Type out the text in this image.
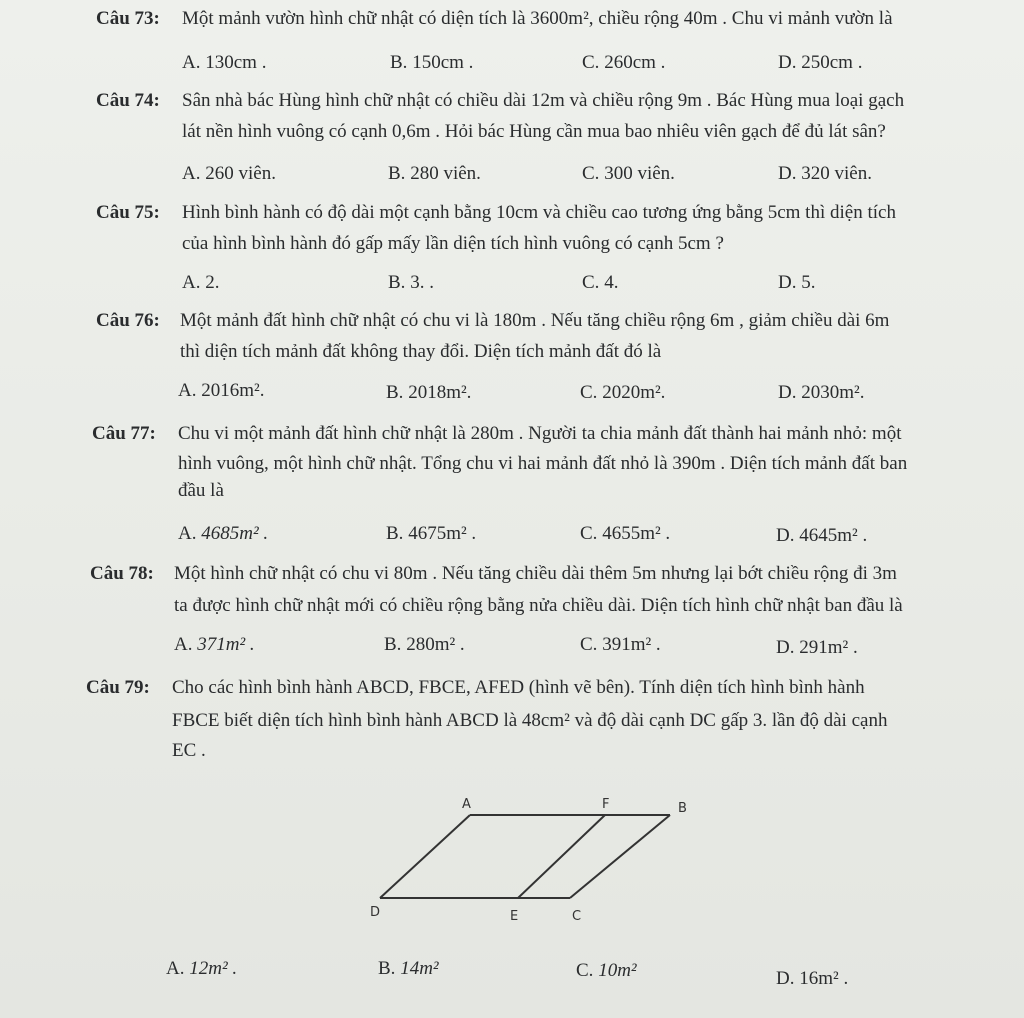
Câu 73: Một mảnh vườn hình chữ nhật có diện tích là 3600m², chiều rộng 40m . Chu vi mảnh vườn là
A. 130cm .	B. 150cm .	C. 260cm .	D. 250cm .
Câu 74: Sân nhà bác Hùng hình chữ nhật có chiều dài 12m và chiều rộng 9m . Bác Hùng mua loại gạch
lát nền hình vuông có cạnh 0,6m . Hỏi bác Hùng cần mua bao nhiêu viên gạch để đủ lát sân?
A. 260 viên.	B. 280 viên.	C. 300 viên.	D. 320 viên.
Câu 75: Hình bình hành có độ dài một cạnh bằng 10cm và chiều cao tương ứng bằng 5cm thì diện tích
của hình bình hành đó gấp mấy lần diện tích hình vuông có cạnh 5cm ?
A. 2.	B. 3. .	C. 4.	D. 5.
Câu 76: Một mảnh đất hình chữ nhật có chu vi là 180m . Nếu tăng chiều rộng 6m , giảm chiều dài 6m
thì diện tích mảnh đất không thay đổi. Diện tích mảnh đất đó là
A. 2016m².	B. 2018m².	C. 2020m².	D. 2030m².
Câu 77: Chu vi một mảnh đất hình chữ nhật là 280m . Người ta chia mảnh đất thành hai mảnh nhỏ: một
hình vuông, một hình chữ nhật. Tổng chu vi hai mảnh đất nhỏ là 390m . Diện tích mảnh đất ban
đầu là
A. 4685m² .	B. 4675m² .	C. 4655m² .	D. 4645m² .
Câu 78: Một hình chữ nhật có chu vi 80m . Nếu tăng chiều dài thêm 5m nhưng lại bớt chiều rộng đi 3m
ta được hình chữ nhật mới có chiều rộng bằng nửa chiều dài. Diện tích hình chữ nhật ban đầu là
A. 371m² .	B. 280m² .	C. 391m² .	D. 291m² .
Câu 79: Cho các hình bình hành ABCD, FBCE, AFED (hình vẽ bên). Tính diện tích hình bình hành
FBCE biết diện tích hình bình hành ABCD là 48cm² và độ dài cạnh DC gấp 3. lần độ dài cạnh
EC .
A	F	B
D	E	C
A. 12m² .	B. 14m²	C. 10m²	D. 16m² .
